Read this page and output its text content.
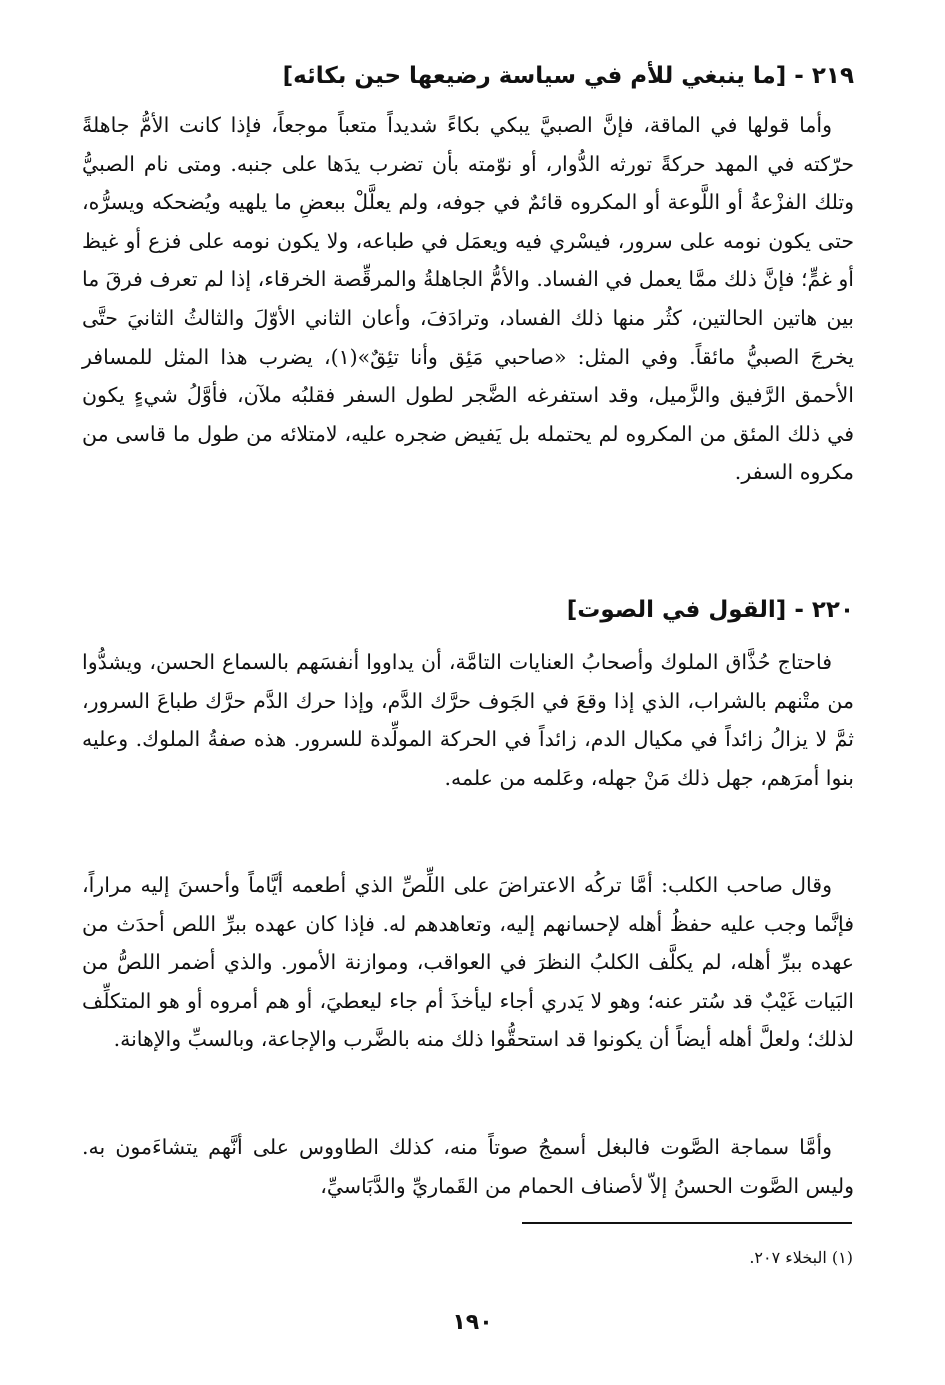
٢١٩ - [ما ينبغي للأم في سياسة رضيعها حين بكائه]

وأما قولها في الماقة، فإنَّ الصبيَّ يبكي بكاءً شديداً متعباً موجعاً، فإذا كانت الأمُّ جاهلةً حرّكته في المهد حركةً تورثه الدُّوار، أو نوّمته بأن تضرب يدَها على جنبه. ومتى نام الصبيُّ وتلك الفزْعةُ أو اللَّوعة أو المكروه قائمٌ في جوفه، ولم يعلَّلْ ببعضِ ما يلهيه ويُضحكه ويسرُّه، حتى يكون نومه على سرور، فيسْري فيه ويعمَل في طباعه، ولا يكون نومه على فزع أو غيظ أو غمٍّ؛ فإنَّ ذلك ممَّا يعمل في الفساد. والأمُّ الجاهلةُ والمرقِّصة الخرقاء، إذا لم تعرف فرقَ ما بين هاتين الحالتين، كثُر منها ذلك الفساد، وترادَفَ، وأعان الثاني الأوّلَ والثالثُ الثانيَ حتَّى يخرجَ الصبيُّ مائقاً. وفي المثل: «صاحبي مَئِق وأنا تئِقٌ»(١)، يضرب هذا المثل للمسافر الأحمق الرَّفيق والزَّميل، وقد استفرغه الضَّجر لطول السفر فقلبُه ملآن، فأوَّلُ شيءٍ يكون في ذلك المئق من المكروه لم يحتمله بل يَفيض ضجره عليه، لامتلائه من طول ما قاسى من مكروه السفر.

٢٢٠ - [القول في الصوت]

فاحتاج حُذَّاق الملوك وأصحابُ العنايات التامَّة، أن يداووا أنفسَهم بالسماع الحسن، ويشدُّوا من متْنهم بالشراب، الذي إذا وقعَ في الجَوف حرَّك الدَّم، وإذا حرك الدَّم حرَّك طباعَ السرور، ثمَّ لا يزالُ زائداً في مكيال الدم، زائداً في الحركة المولِّدة للسرور. هذه صفةُ الملوك. وعليه بنوا أمرَهم، جهل ذلك مَنْ جهله، وعَلمه من علمه.

وقال صاحب الكلب: أمَّا تركُه الاعتراضَ على اللِّصِّ الذي أطعمه أيَّاماً وأحسنَ إليه مراراً، فإنَّما وجب عليه حفظُ أهله لإحسانهم إليه، وتعاهدهم له. فإذا كان عهده ببرِّ اللص أحدَث من عهده ببرِّ أهله، لم يكلَّف الكلبُ النظرَ في العواقب، وموازنة الأمور. والذي أضمر اللصُّ من البَيات غَيْبٌ قد سُتر عنه؛ وهو لا يَدري أجاء ليأخذَ أم جاء ليعطيَ، أو هم أمروه أو هو المتكلِّف لذلك؛ ولعلَّ أهله أيضاً أن يكونوا قد استحقُّوا ذلك منه بالضَّرب والإجاعة، وبالسبِّ والإهانة.

وأمَّا سماجة الصَّوت فالبغل أسمجُ صوتاً منه، كذلك الطاووس على أنَّهم يتشاءَمون به. وليس الصَّوت الحسنُ إلاّ لأصناف الحمام من القَماريِّ والدَّبَاسيِّ،

(١) البخلاء ٢٠٧.
١٩٠
